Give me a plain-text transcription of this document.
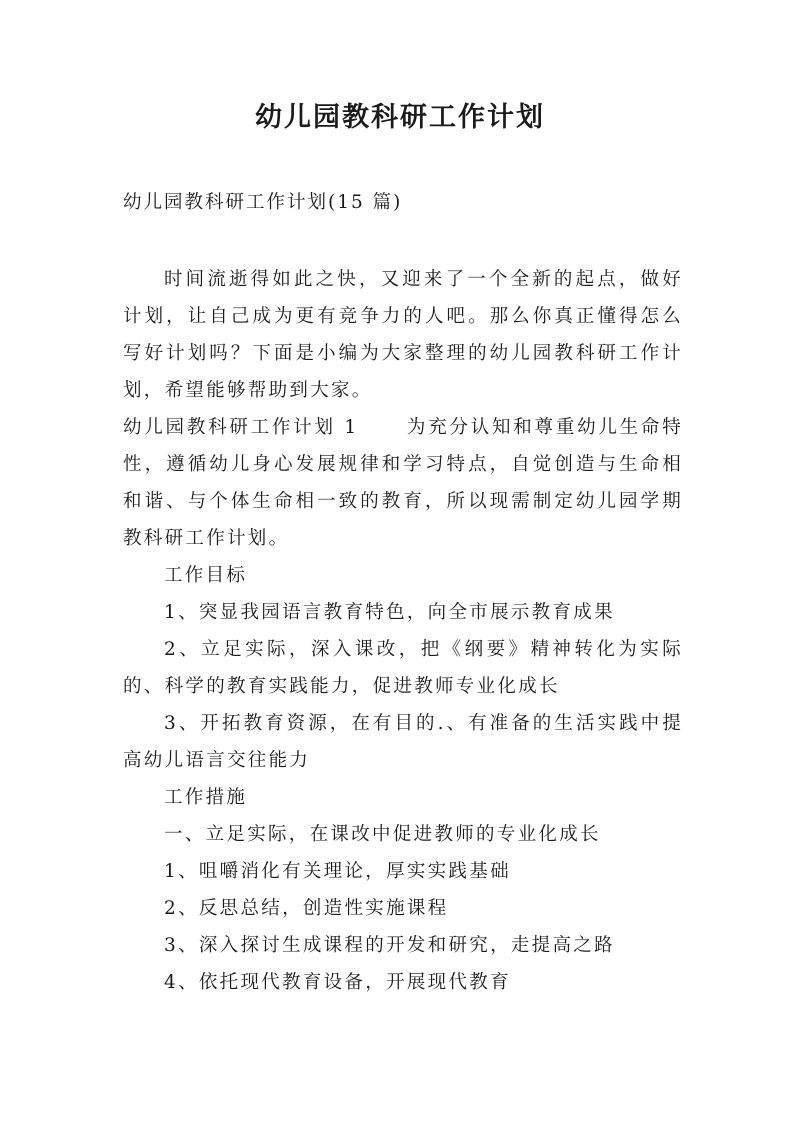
幼儿园教科研工作计划

幼儿园教科研工作计划(15 篇)

时间流逝得如此之快，又迎来了一个全新的起点，做好计划，让自己成为更有竞争力的人吧。那么你真正懂得怎么写好计划吗？下面是小编为大家整理的幼儿园教科研工作计划，希望能够帮助到大家。

幼儿园教科研工作计划 1	为充分认知和尊重幼儿生命特性，遵循幼儿身心发展规律和学习特点，自觉创造与生命相和谐、与个体生命相一致的教育，所以现需制定幼儿园学期教科研工作计划。

工作目标

1、突显我园语言教育特色，向全市展示教育成果

2、立足实际，深入课改，把《纲要》精神转化为实际的、科学的教育实践能力，促进教师专业化成长

3、开拓教育资源，在有目的.、有准备的生活实践中提高幼儿语言交往能力

工作措施

一、立足实际，在课改中促进教师的专业化成长

1、咀嚼消化有关理论，厚实实践基础

2、反思总结，创造性实施课程

3、深入探讨生成课程的开发和研究，走提高之路

4、依托现代教育设备，开展现代教育
